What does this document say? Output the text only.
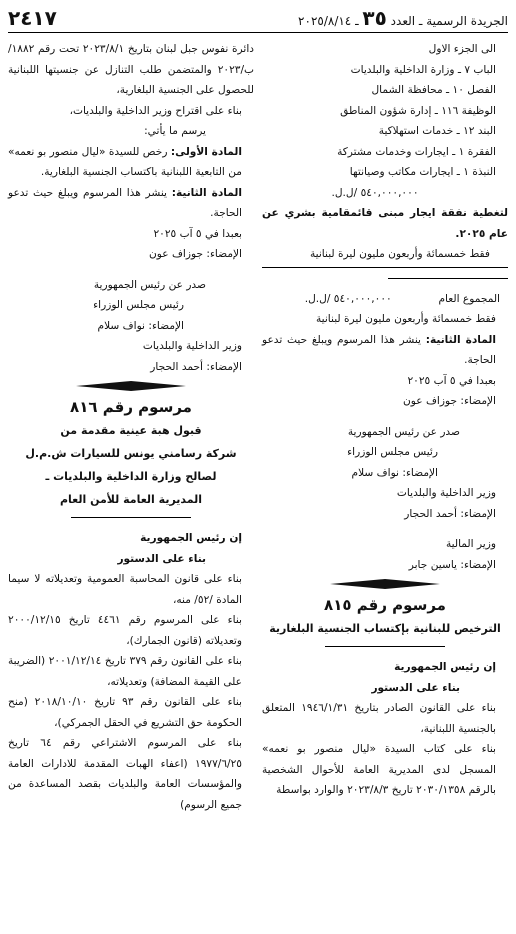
الجريدة الرسمية ـ العدد ٣٥ ـ ٢٠٢٥/٨/١٤
٢٤١٧

الى الجزء الاول

الباب ٧ ـ وزارة الداخلية والبلديات

الفصل ١٠ ـ محافظة الشمال

الوظيفة ١١٦ ـ إدارة شؤون المناطق

البند ١٢ ـ خدمات استهلاكية

الفقرة ١ ـ ايجارات وخدمات مشتركة

النبذة ١ ـ ايجارات مكاتب وصيانتها

٥٤٠,٠٠٠,٠٠٠ /ل.ل.

لتغطية نفقة ايجار مبنى قائمقامية بشري عن عام ٢٠٢٥.

فقط خمسمائة وأربعون مليون ليرة لبنانية

المجموع العام  ٥٤٠,٠٠٠,٠٠٠ /ل.ل.

فقط خمسمائة وأربعون مليون ليرة لبنانية

المادة الثانية: ينشر هذا المرسوم ويبلغ حيث تدعو الحاجة.

بعبدا في ٥ آب ٢٠٢٥

الإمضاء: جوزاف عون

صدر عن رئيس الجمهورية

رئيس مجلس الوزراء

الإمضاء: نواف سلام

وزير الداخلية والبلديات

الإمضاء: أحمد الحجار

وزير المالية

الإمضاء: ياسين جابر

مرسوم رقم ٨١٥

الترخيص للبنانية بإكتساب الجنسية البلغارية

إن رئيس الجمهورية

بناء على الدستور

بناء على القانون الصادر بتاريخ ١٩٤٦/١/٣١ المتعلق بالجنسية اللبنانية،

بناء على كتاب السيدة «ليال منصور بو نعمه» المسجل لدى المديرية العامة للأحوال الشخصية بالرقم ٢٠٣٠/١٣٥٨ تاريخ ٢٠٢٣/٨/٣ والوارد بواسطة

دائرة نفوس جبل لبنان بتاريخ ٢٠٢٣/٨/١ تحت رقم ١٨٨٢/ب/٢٠٢٣ والمتضمن طلب التنازل عن جنسيتها اللبنانية للحصول على الجنسية البلغارية،

بناء على اقتراح وزير الداخلية والبلديات،

يرسم ما يأتي:

المادة الأولى: رخص للسيدة «ليال منصور بو نعمه» من التابعية اللبنانية باكتساب الجنسية البلغارية.

المادة الثانية: ينشر هذا المرسوم ويبلغ حيث تدعو الحاجة.

بعبدا في ٥ آب ٢٠٢٥

الإمضاء: جوزاف عون

صدر عن رئيس الجمهورية

رئيس مجلس الوزراء

الإمضاء: نواف سلام

وزير الداخلية والبلديات

الإمضاء: أحمد الحجار

مرسوم رقم ٨١٦

قبول هبة عينية مقدمة من

شركة رسامني يونس للسيارات ش.م.ل

لصالح وزارة الداخلية والبلديات ـ

المديرية العامة للأمن العام

إن رئيس الجمهورية

بناء على الدستور

بناء على قانون المحاسبة العمومية وتعديلاته لا سيما المادة /٥٢/ منه،

بناء على المرسوم رقم ٤٤٦١ تاريخ ٢٠٠٠/١٢/١٥ وتعديلاته (قانون الجمارك)،

بناء على القانون رقم ٣٧٩ تاريخ ٢٠٠١/١٢/١٤ (الضريبة على القيمة المضافة) وتعديلاته،

بناء على القانون رقم ٩٣ تاريخ ٢٠١٨/١٠/١٠ (منح الحكومة حق التشريع في الحقل الجمركي)،

بناء على المرسوم الاشتراعي رقم ٦٤ تاريخ ١٩٧٧/٦/٢٥ (اعفاء الهبات المقدمة للادارات العامة والمؤسسات العامة والبلديات بقصد المساعدة من جميع الرسوم)
